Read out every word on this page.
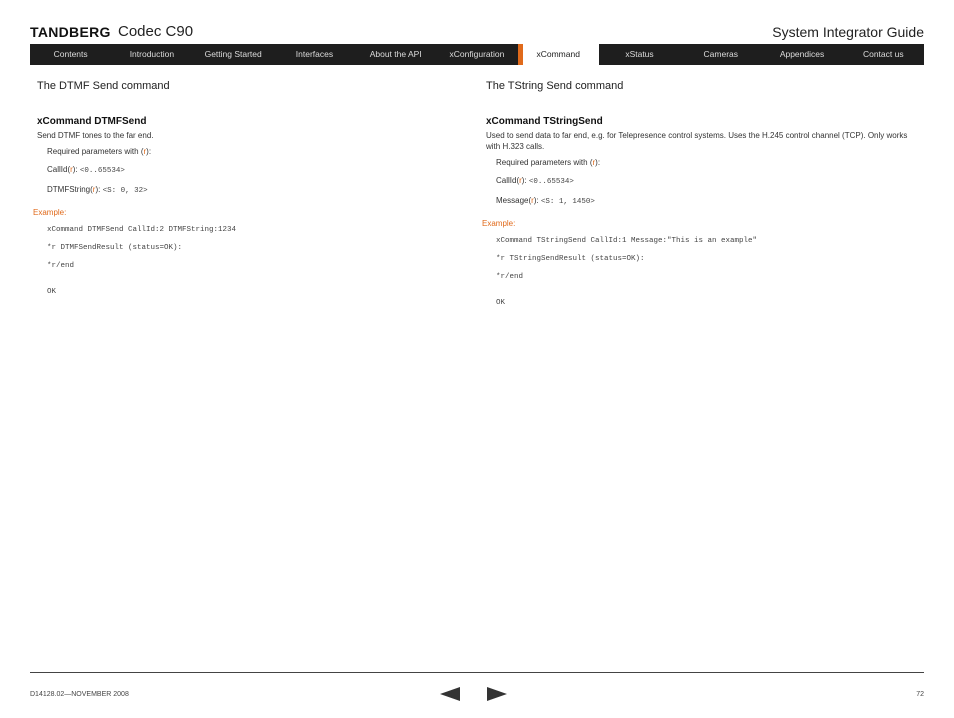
TANDBERG Codec C90	System Integrator Guide
Contents	Introduction	Getting Started	Interfaces	About the API	xConfiguration	xCommand	xStatus	Cameras	Appendices	Contact us
The DTMF Send command
xCommand DTMFSend
Send DTMF tones to the far end.
Required parameters with (r):
CallId(r): <0..65534>
DTMFString(r): <S: 0, 32>
Example:
xCommand DTMFSend CallId:2 DTMFString:1234
*r DTMFSendResult (status=OK):
*r/end
OK
The TString Send command
xCommand TStringSend
Used to send data to far end, e.g. for Telepresence control systems. Uses the H.245 control channel (TCP). Only works with H.323 calls.
Required parameters with (r):
CallId(r): <0..65534>
Message(r): <S: 1, 1450>
Example:
xCommand TStringSend CallId:1 Message:"This is an example"
*r TStringSendResult (status=OK):
*r/end
OK
D14128.02—NOVEMBER 2008	72
